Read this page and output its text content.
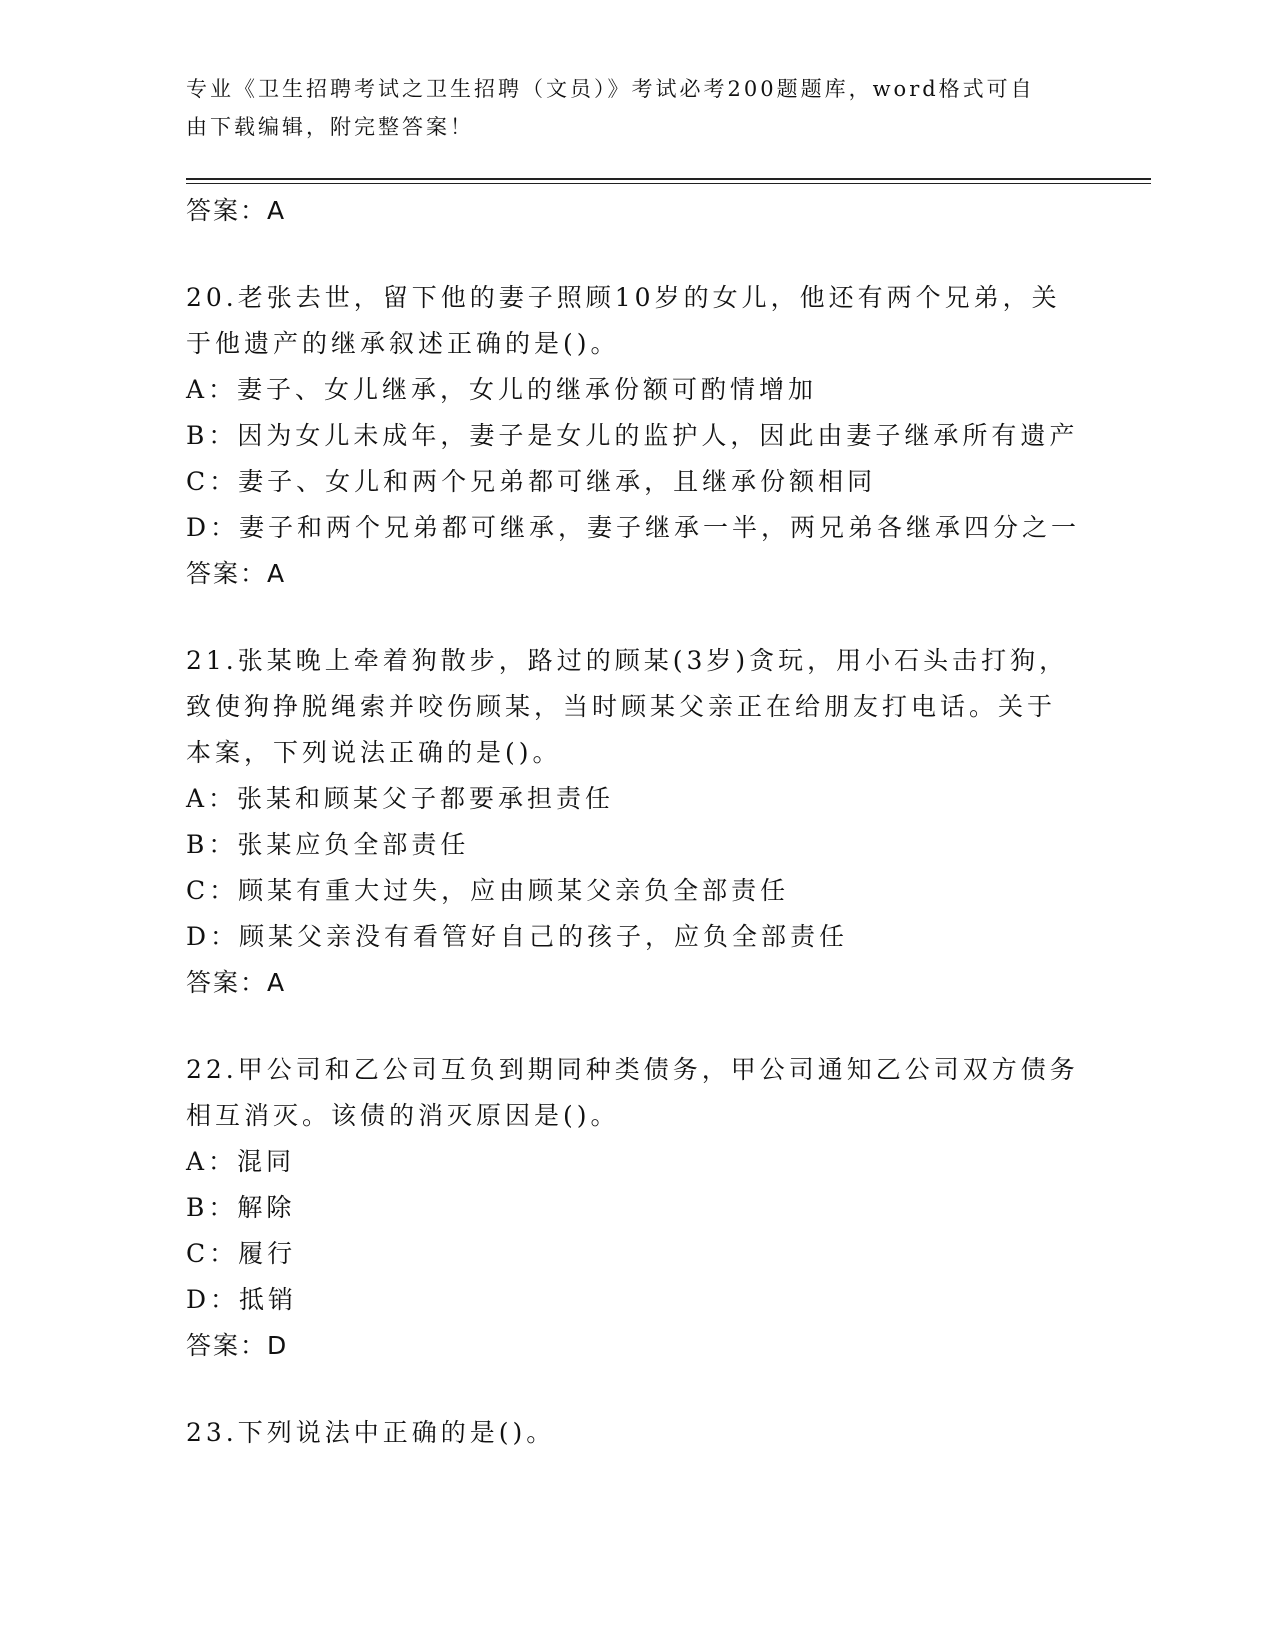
专业《卫生招聘考试之卫生招聘（文员）》考试必考200题题库，word格式可自
由下载编辑，附完整答案！
答案：A
20.老张去世，留下他的妻子照顾10岁的女儿，他还有两个兄弟，关
于他遗产的继承叙述正确的是()。
A：妻子、女儿继承，女儿的继承份额可酌情增加
B：因为女儿未成年，妻子是女儿的监护人，因此由妻子继承所有遗产
C：妻子、女儿和两个兄弟都可继承，且继承份额相同
D：妻子和两个兄弟都可继承，妻子继承一半，两兄弟各继承四分之一
答案：A
21.张某晚上牵着狗散步，路过的顾某(3岁)贪玩，用小石头击打狗，
致使狗挣脱绳索并咬伤顾某，当时顾某父亲正在给朋友打电话。关于
本案，下列说法正确的是()。
A：张某和顾某父子都要承担责任
B：张某应负全部责任
C：顾某有重大过失，应由顾某父亲负全部责任
D：顾某父亲没有看管好自己的孩子，应负全部责任
答案：A
22.甲公司和乙公司互负到期同种类债务，甲公司通知乙公司双方债务
相互消灭。该债的消灭原因是()。
A：混同
B：解除
C：履行
D：抵销
答案：D
23.下列说法中正确的是()。
